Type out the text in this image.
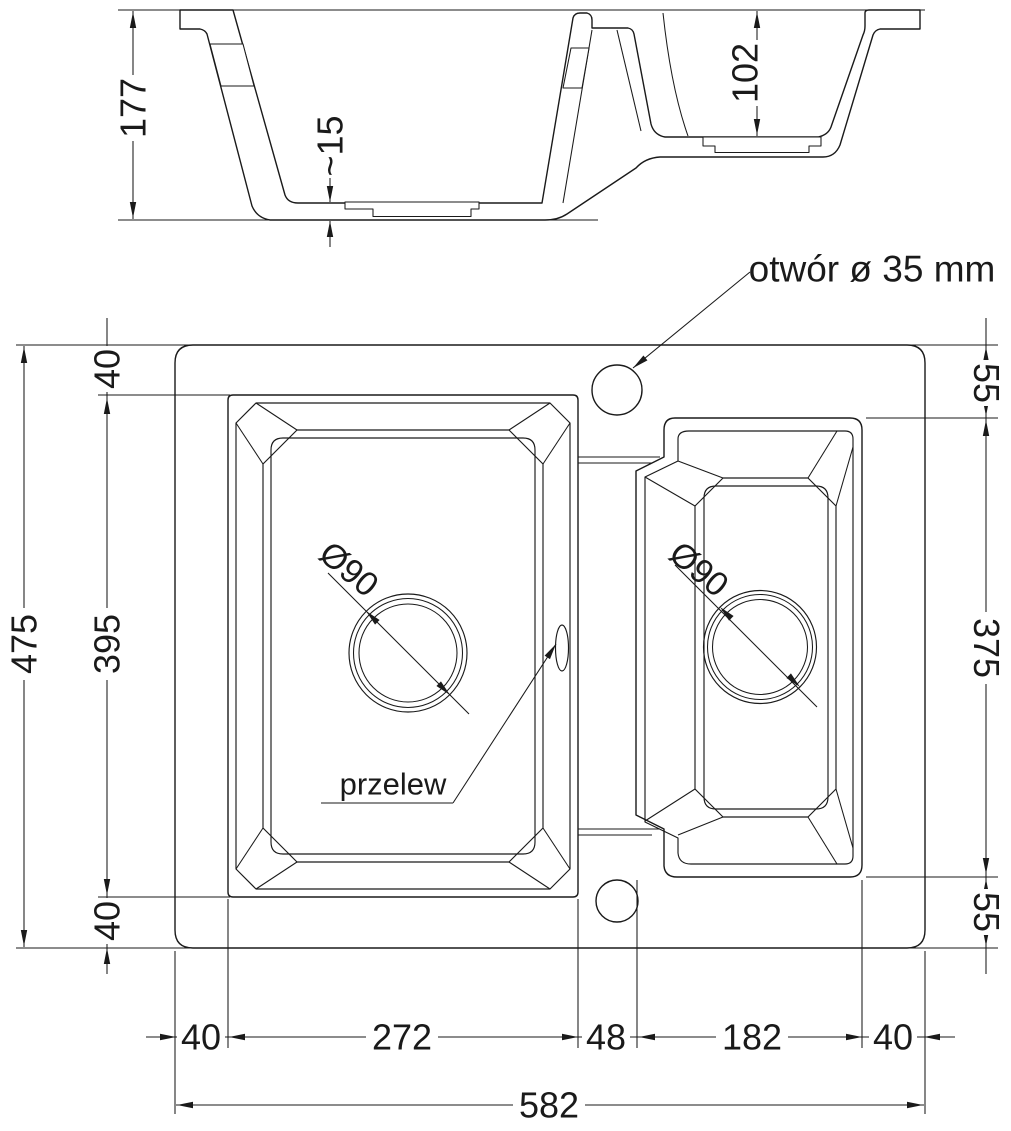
177
102
~15
475 395
40
40
55
375
55
40	272	48	182	40
582
otwór ø 35 mm
przelew
Ø90	Ø90
